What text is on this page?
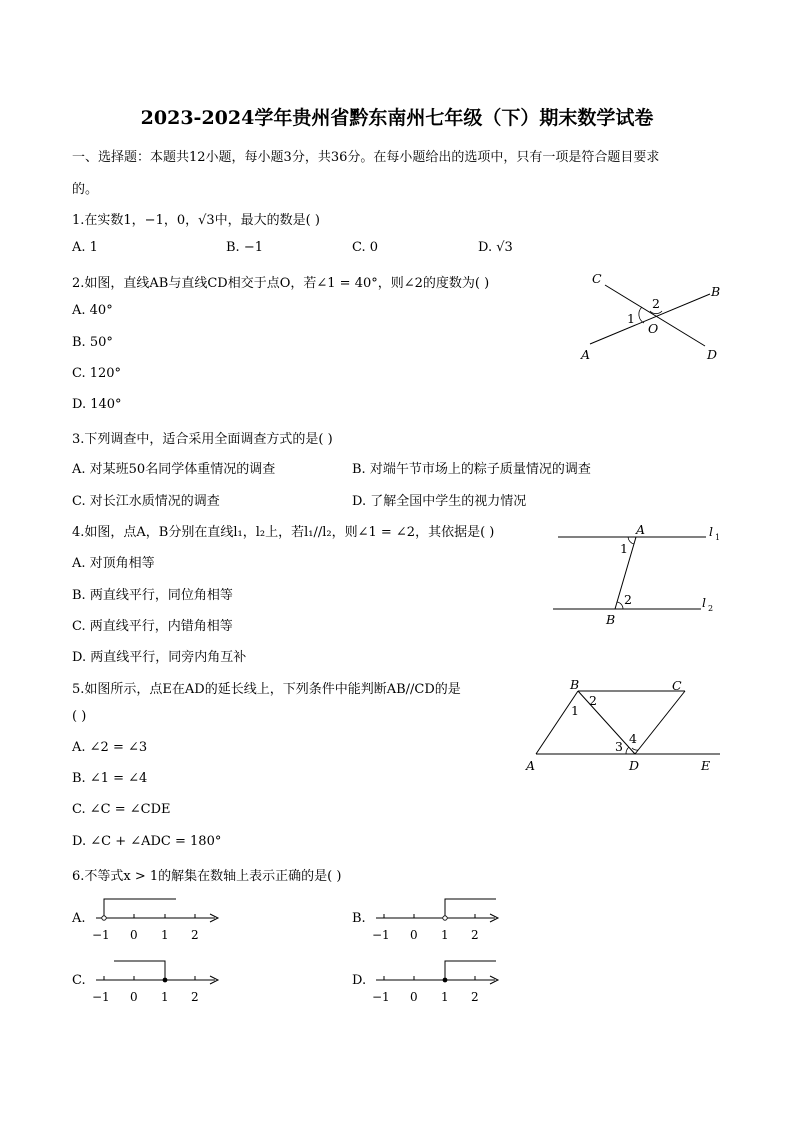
2023-2024学年贵州省黔东南州七年级（下）期末数学试卷
一、选择题：本题共12小题，每小题3分，共36分。在每小题给出的选项中，只有一项是符合题目要求
的。
1.在实数1，−1，0，√3中，最大的数是( )
A. 1	B. −1	C. 0	D. √3
2.如图，直线AB与直线CD相交于点O，若∠1 = 40°，则∠2的度数为( )
A. 40°
B. 50°
C. 120°
D. 140°
C
B
A	D
O
1
2
3.下列调查中，适合采用全面调查方式的是( )
A. 对某班50名同学体重情况的调查	B. 对端午节市场上的粽子质量情况的调查
C. 对长江水质情况的调查	D. 了解全国中学生的视力情况
4.如图，点A，B分别在直线l₁，l₂上，若l₁//l₂，则∠1 = ∠2，其依据是( )
A. 对顶角相等
B. 两直线平行，同位角相等
C. 两直线平行，内错角相等
D. 两直线平行，同旁内角互补
A
B
l 1
l 2
1
2
5.如图所示，点E在AD的延长线上，下列条件中能判断AB//CD的是
( )
A. ∠2 = ∠3
B. ∠1 = ∠4
C. ∠C = ∠CDE
D. ∠C + ∠ADC = 180°
B	C
A	D	E
1
2
3
4
6.不等式x > 1的解集在数轴上表示正确的是( )
A.
−1 0 1 2
B.
−1 0 1 2
C.
−1 0 1 2
D.
−1 0 1 2
